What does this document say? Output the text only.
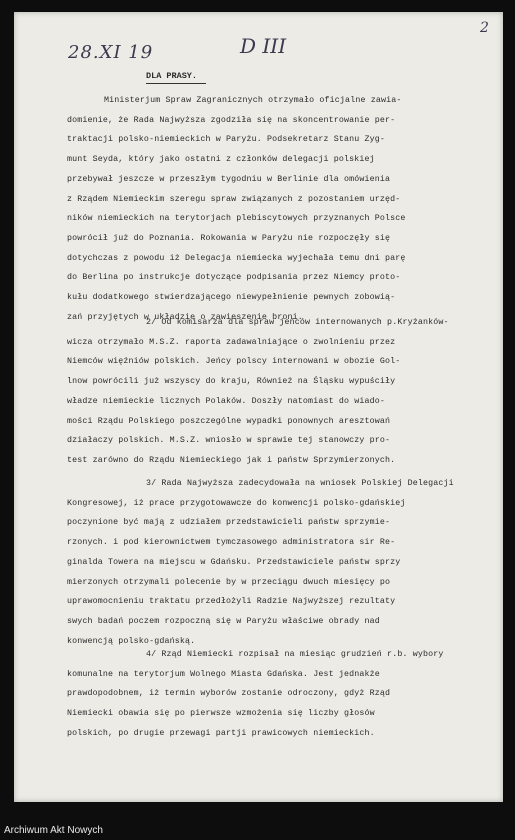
28.XI 19	D III
2
DLA PRASY.
Ministerjum Spraw Zagranicznych otrzymało oficjalne zawia-
domienie, że Rada Najwyższa zgodziła się na skoncentrowanie per-
traktacji polsko-niemieckich w Paryżu. Podsekretarz Stanu Zyg-
munt Seyda, który jako ostatni z członków delegacji polskiej
przebywał jeszcze w przeszłym tygodniu w Berlinie dla omówienia
z Rządem Niemieckim szeregu spraw związanych z pozostaniem urzęd-
ników niemieckich na terytorjach plebiscytowych przyznanych Polsce
powrócił już do Poznania. Rokowania w Paryżu nie rozpoczęły się
dotychczas z powodu iż Delegacja niemiecka wyjechała temu dni parę
do Berlina po instrukcje dotyczące podpisania przez Niemcy proto-
kułu dodatkowego stwierdzającego niewypełnienie pewnych zobowią-
zań przyjętych w układzie o zawieszenie broni.
2/ Od komisarza dla spraw jeńców internowanych p.Kryżanków-
wicza otrzymało M.S.Z. raporta zadawalniające o zwolnieniu przez
Niemców więźniów polskich. Jeńcy polscy internowani w obozie Gol-
lnow powrócili już wszyscy do kraju, Również na Śląsku wypuściły
władze niemieckie licznych Polaków. Doszły natomiast do wiado-
mości Rządu Polskiego poszczególne wypadki ponownych aresztowań
działaczy polskich. M.S.Z. wniosło w sprawie tej stanowczy pro-
test zarówno do Rządu Niemieckiego jak i państw Sprzymierzonych.
3/ Rada Najwyższa zadecydowała na wniosek Polskiej Delegacji
Kongresowej, iż prace przygotowawcze do konwencji polsko-gdańskiej
poczynione być mają z udziałem przedstawicieli państw sprzymie-
rzonych. i pod kierownictwem tymczasowego administratora sir Re-
ginalda Towera na miejscu w Gdańsku. Przedstawiciele państw sprzy
mierzonych otrzymali polecenie by w przeciągu dwuch miesięcy po
uprawomocnieniu traktatu przedłożyli Radzie Najwyższej rezultaty
swych badań poczem rozpoczną się w Paryżu właściwe obrady nad
konwencją polsko-gdańską.
4/ Rząd Niemiecki rozpisał na miesiąc grudzień r.b. wybory
komunalne na terytorjum Wolnego Miasta Gdańska. Jest jednakże
prawdopodobnem, iż termin wyborów zostanie odroczony, gdyż Rząd
Niemiecki obawia się po pierwsze wzmożenia się liczby głosów
polskich, po drugie przewagi partji prawicowych niemieckich.
Archiwum Akt Nowych
